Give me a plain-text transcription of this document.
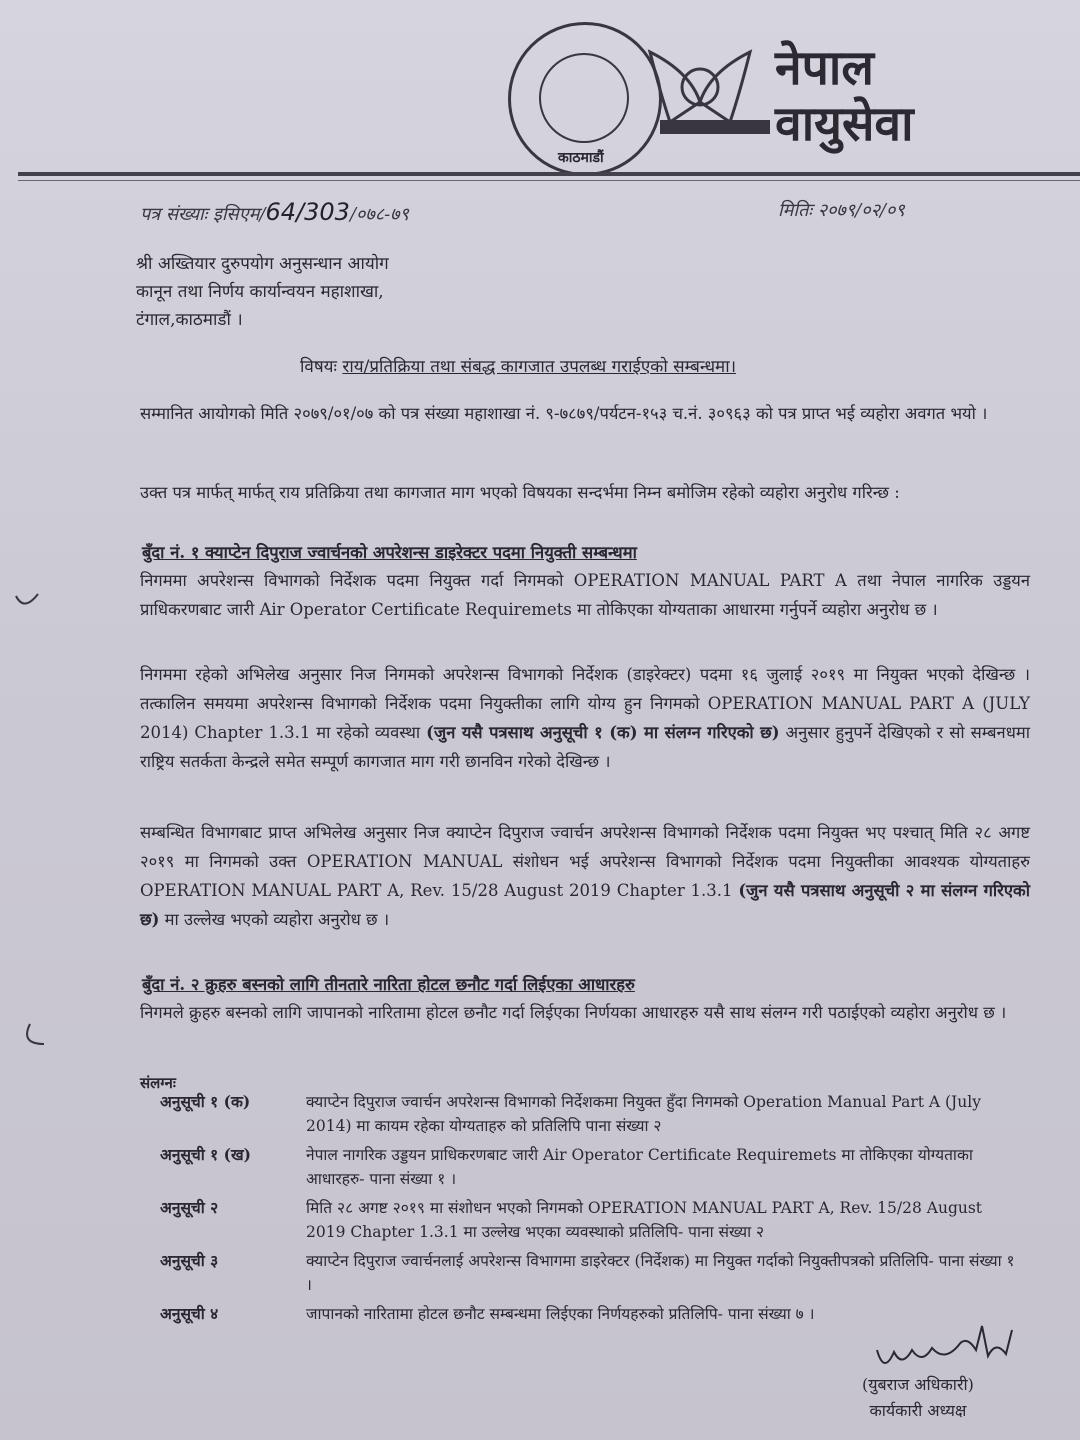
काठमाडौं
नेपाल
वायुसेवा
पत्र संख्याः इसिएम/64/303/०७८-७९	मितिः २०७९/०२/०९
श्री अख्तियार दुरुपयोग अनुसन्धान आयोग
कानून तथा निर्णय कार्यान्वयन महाशाखा,
टंगाल,काठमाडौं ।
विषयः राय/प्रतिक्रिया तथा संबद्ध कागजात उपलब्ध गराईएको सम्बन्धमा।
सम्मानित आयोगको मिति २०७९/०१/०७ को पत्र संख्या महाशाखा नं. ९-७८७९/पर्यटन-१५३ च.नं. ३०९६३ को पत्र प्राप्त भई व्यहोरा अवगत भयो ।
उक्त पत्र मार्फत् मार्फत् राय प्रतिक्रिया तथा कागजात माग भएको विषयका सन्दर्भमा निम्न बमोजिम रहेको व्यहोरा अनुरोध गरिन्छ :
बुँदा नं. १ क्याप्टेन दिपुराज ज्वार्चनको अपरेशन्स डाइरेक्टर पदमा नियुक्ती सम्बन्धमा
निगममा अपरेशन्स विभागको निर्देशक पदमा नियुक्त गर्दा निगमको OPERATION MANUAL PART A तथा नेपाल नागरिक उड्डयन प्राधिकरणबाट जारी Air Operator Certificate Requiremets मा तोकिएका योग्यताका आधारमा गर्नुपर्ने व्यहोरा अनुरोध छ ।
निगममा रहेको अभिलेख अनुसार निज निगमको अपरेशन्स विभागको निर्देशक (डाइरेक्टर) पदमा १६ जुलाई २०१९ मा नियुक्त भएको देखिन्छ । तत्कालिन समयमा अपरेशन्स विभागको निर्देशक पदमा नियुक्तीका लागि योग्य हुन निगमको OPERATION MANUAL PART A (JULY 2014) Chapter 1.3.1 मा रहेको व्यवस्था (जुन यसै पत्रसाथ अनुसूची १ (क) मा संलग्न गरिएको छ) अनुसार हुनुपर्ने देखिएको र सो सम्बनधमा राष्ट्रिय सतर्कता केन्द्रले समेत सम्पूर्ण कागजात माग गरी छानविन गरेको देखिन्छ ।
सम्बन्धित विभागबाट प्राप्त अभिलेख अनुसार निज क्याप्टेन दिपुराज ज्वार्चन अपरेशन्स विभागको निर्देशक पदमा नियुक्त भए पश्चात् मिति २८ अगष्ट २०१९ मा निगमको उक्त OPERATION MANUAL संशोधन भई अपरेशन्स विभागको निर्देशक पदमा नियुक्तीका आवश्यक योग्यताहरु OPERATION MANUAL PART A, Rev. 15/28 August 2019 Chapter 1.3.1 (जुन यसै पत्रसाथ अनुसूची २ मा संलग्न गरिएको छ) मा उल्लेख भएको व्यहोरा अनुरोध छ ।
बुँदा नं. २ क्रुहरु बस्नको लागि तीनतारे नारिता होटल छनौट गर्दा लिईएका आधारहरु
निगमले क्रुहरु बस्नको लागि जापानको नारितामा होटल छनौट गर्दा लिईएका निर्णयका आधारहरु यसै साथ संलग्न गरी पठाईएको व्यहोरा अनुरोध छ ।
संलग्नः
अनुसूची १ (क)	क्याप्टेन दिपुराज ज्वार्चन अपरेशन्स विभागको निर्देशकमा नियुक्त हुँदा निगमको Operation Manual Part A (July 2014) मा कायम रहेका योग्यताहरु को प्रतिलिपि पाना संख्या २
अनुसूची १ (ख)	नेपाल नागरिक उड्डयन प्राधिकरणबाट जारी Air Operator Certificate Requiremets मा तोकिएका योग्यताका आधारहरु- पाना संख्या १ ।
अनुसूची २	मिति २८ अगष्ट २०१९ मा संशोधन भएको निगमको OPERATION MANUAL PART A, Rev. 15/28 August 2019 Chapter 1.3.1 मा उल्लेख भएका व्यवस्थाको प्रतिलिपि- पाना संख्या २
अनुसूची ३	क्याप्टेन दिपुराज ज्वार्चनलाई अपरेशन्स विभागमा डाइरेक्टर (निर्देशक) मा नियुक्त गर्दाको नियुक्तीपत्रको प्रतिलिपि- पाना संख्या १ ।
अनुसूची ४	जापानको नारितामा होटल छनौट सम्बन्धमा लिईएका निर्णयहरुको प्रतिलिपि- पाना संख्या ७ ।
(युबराज अधिकारी)
कार्यकारी अध्यक्ष
